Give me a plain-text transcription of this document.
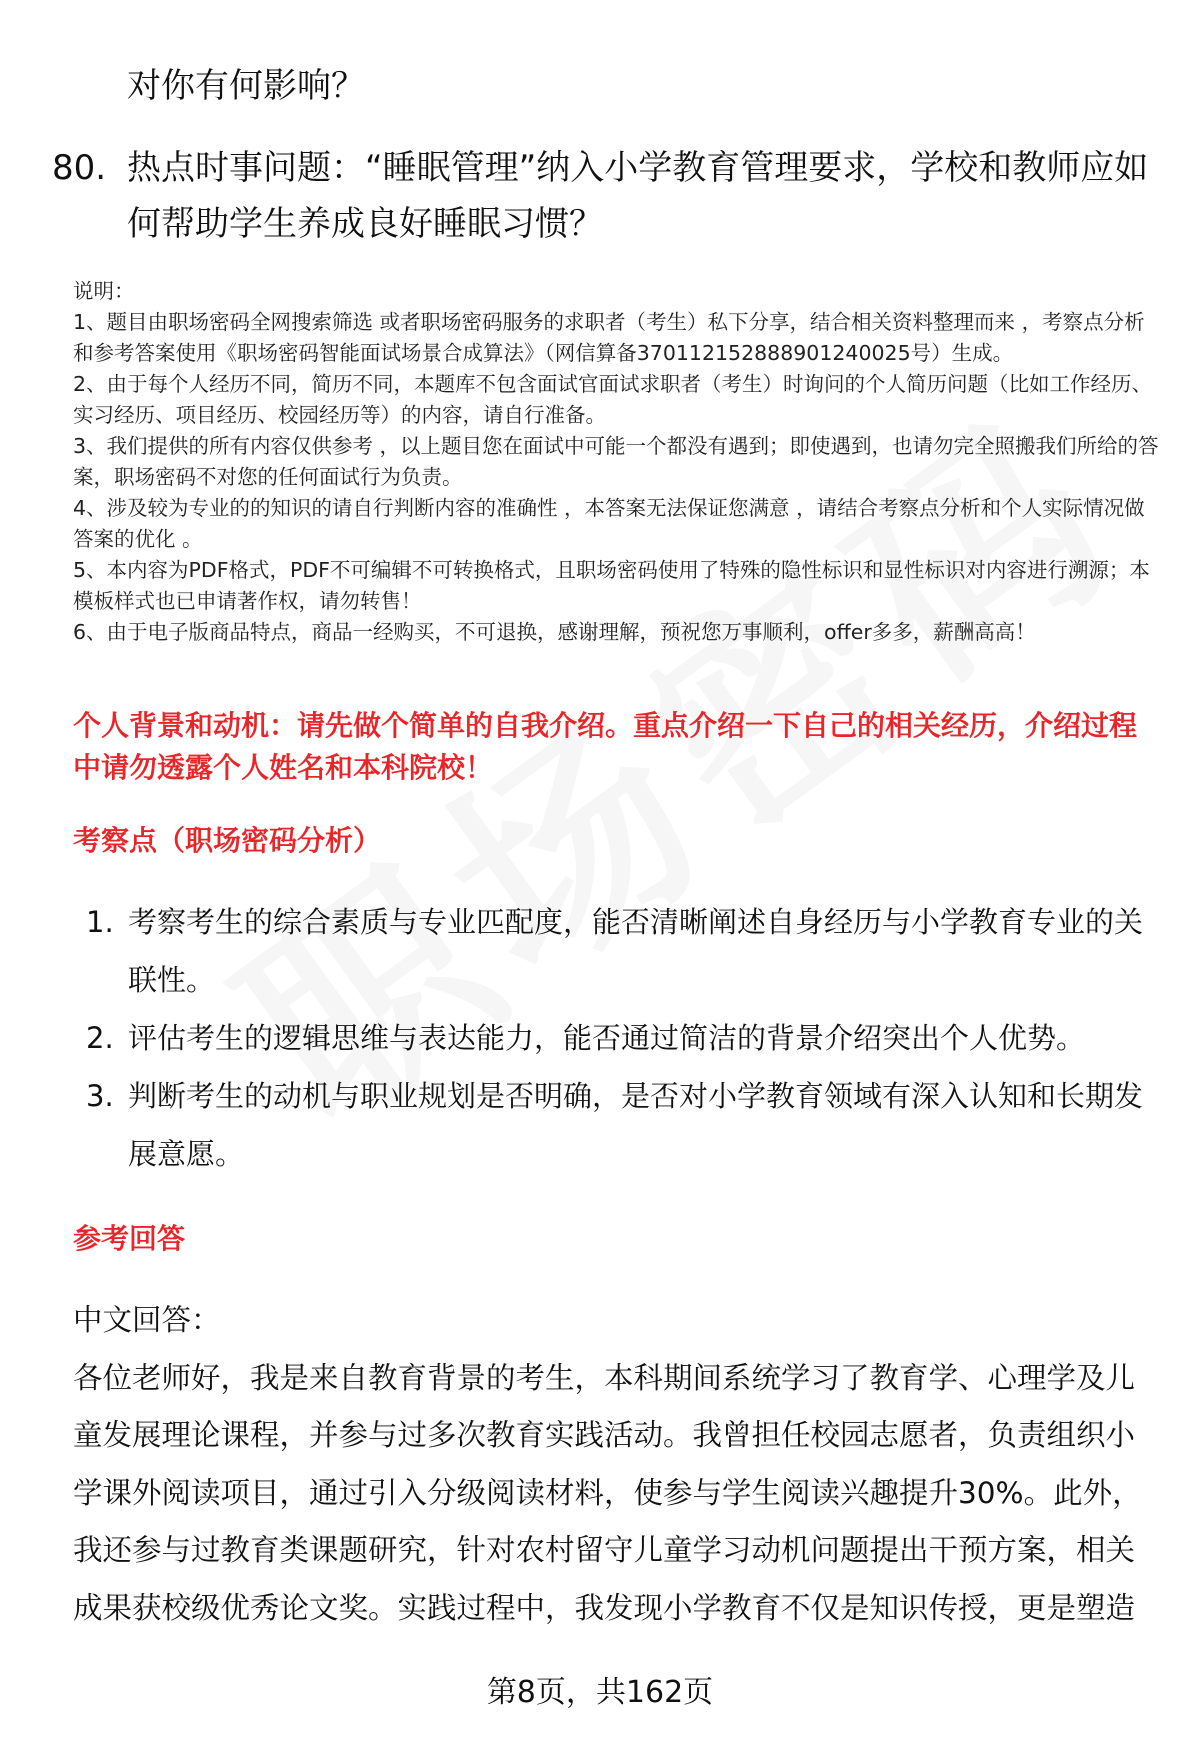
对你有何影响？
80. 热点时事问题：“睡眠管理”纳入小学教育管理要求，学校和教师应如何帮助学生养成良好睡眠习惯？

说明：

1、题目由职场密码全网搜索筛选 或者职场密码服务的求职者（考生）私下分享，结合相关资料整理而来 ，考察点分析和参考答案使用《职场密码智能面试场景合成算法》（网信算备370112152888901240025号）生成。

2、由于每个人经历不同，简历不同，本题库不包含面试官面试求职者（考生）时询问的个人简历问题（比如工作经历、实习经历、项目经历、校园经历等）的内容，请自行准备。

3、我们提供的所有内容仅供参考 ，以上题目您在面试中可能一个都没有遇到；即使遇到，也请勿完全照搬我们所给的答案，职场密码不对您的任何面试行为负责。

4、涉及较为专业的的知识的请自行判断内容的准确性 ，本答案无法保证您满意 ，请结合考察点分析和个人实际情况做答案的优化 。

5、本内容为PDF格式，PDF不可编辑不可转换格式，且职场密码使用了特殊的隐性标识和显性标识对内容进行溯源；本模板样式也已申请著作权，请勿转售！

6、由于电子版商品特点，商品一经购买，不可退换，感谢理解，预祝您万事顺利，offer多多，薪酬高高！

个人背景和动机：请先做个简单的自我介绍。重点介绍一下自己的相关经历，介绍过程中请勿透露个人姓名和本科院校！
考察点（职场密码分析）
1. 考察考生的综合素质与专业匹配度，能否清晰阐述自身经历与小学教育专业的关联性。
2. 评估考生的逻辑思维与表达能力，能否通过简洁的背景介绍突出个人优势。
3. 判断考生的动机与职业规划是否明确，是否对小学教育领域有深入认知和长期发展意愿。
参考回答

中文回答：

各位老师好，我是来自教育背景的考生，本科期间系统学习了教育学、心理学及儿童发展理论课程，并参与过多次教育实践活动。我曾担任校园志愿者，负责组织小学课外阅读项目，通过引入分级阅读材料，使参与学生阅读兴趣提升30%。此外，我还参与过教育类课题研究，针对农村留守儿童学习动机问题提出干预方案，相关成果获校级优秀论文奖。实践过程中，我发现小学教育不仅是知识传授，更是塑造

第8页，共162页
